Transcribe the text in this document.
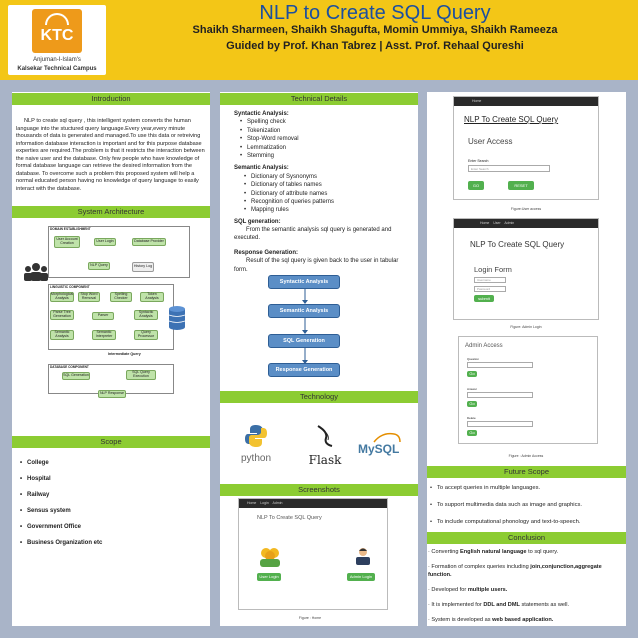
KTC
Anjuman-I-Islam's
Kalsekar Technical Campus
NLP to Create SQL Query
Shaikh Sharmeen, Shaikh Shagufta, Momin Ummiya, Shaikh Rameeza
Guided by Prof. Khan Tabrez | Asst. Prof. Rehaal Qureshi
Introduction
NLP to create sql query , this intelligent system converts the human language into the stuctured query language.Every year,every minute thousands of data is generated and managed.To use this data or retreiving information database interaction is important and for this purpose database experties are required.The problem is that it restricts the interaction between the naive user and the database. Only few people who have knowledge of formal database language can retrieve the desired information from the database. To overcome such a problem this proposed system will help a normal educated person having no knowledge of query language to easily interact with the database.
System Architecture
DOMAIN ESTABLISHMENT
User Account Creation	User Login	Database Provider
NLP Query	History Log
LINGUISTIC COMPONENT
Morphological Analysis
Stop Word Removal
Spelling Checker
Token Analysis
Parse Tree Generation	Parser
Syntactic Analysis
Semantic Analysis
Semantic Interpreter
Query Processor
Intermediate Query
DATABASE COMPONENT
SQL Generation
SQL Query Execution
NLP Response
Scope
• College
• Hospital
• Railway
• Sensus system
• Government Office
• Business Organization etc
Technical Details
Syntactic Analysis:
• Spelling check
• Tokenization
• Stop-Word removal
• Lemmatization
• Stemming
Semantic Analysis:
• Dictionary of Sysnonyms
• Dictionary of tables names
• Dictionary of attribute names
• Recognition of queries patterns
• Mapping rules
SQL generation:
From the semantic analysis sql query is generated and executed.
Response Generation:
Result of the sql query is given back to the user in tabular form.
Syntactic Analysis
Semantic Analysis
SQL Generation
Response Generation
Technology
python	Flask
MySQL
Screenshots
Home Login Admin
NLP To Create SQL Query
User Login	Admin Login
Figure : Home
Home
NLP To Create SQL Query
User Access
Enter Search
Enter Search
GO	RESET
Figure:User access
Home User Admin
NLP To Create SQL Query
Login Form
Username
Password
submit
Figure: Admin Login
Admin Access
Question
Go
Answer
Go
Delete
Go
Figure : Admin Access
Future Scope
• To accept queries in multiple languages.
• To support multimedia data such as image and graphics.
• To include computational phonology and text-to-speech.
Conclusion

· Converting English natural language to sql query.

· Formation of complex queries including join,conjunction,aggregate function.

· Developed for multiple users.

· It is implemented for DDL and DML statements as well.

· System is developed as web based application.
